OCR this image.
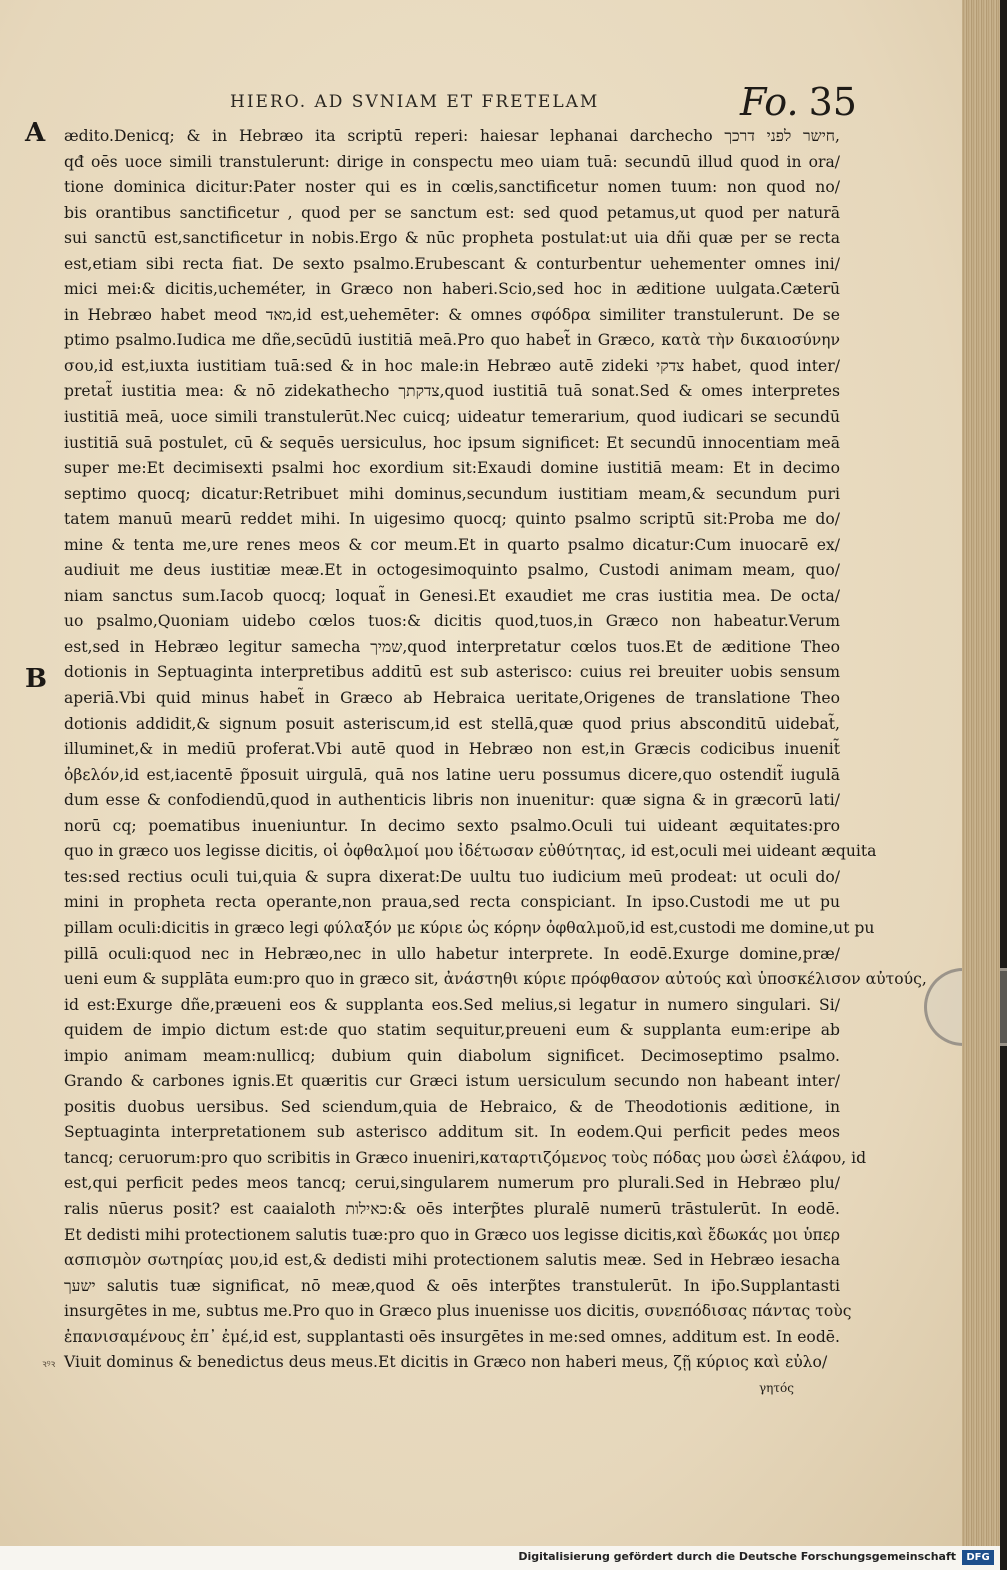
HIERO. AD SVNIAM ET FRETELAM	Fo. 35
A
B
ædito.Denicq; & in Hebræo ita scriptū reperi: haiesar lephanai darchecho חישר לפני דרכך,
qđ oēs uoce simili transtulerunt: dirige in conspectu meo uiam tuā: secundū illud quod in ora/
tione dominica dicitur:Pater noster qui es in cœlis,sanctificetur nomen tuum: non quod no/
bis orantibus sanctificetur , quod per se sanctum est: sed quod petamus,ut quod per naturā
sui sanctū est,sanctificetur in nobis.Ergo & nūc propheta postulat:ut uia dñi quæ per se recta
est,etiam sibi recta fiat. De sexto psalmo.Erubescant & conturbentur uehementer omnes ini/
mici mei:& dicitis,ucheméter, in Græco non haberi.Scio,sed hoc in æditione uulgata.Cæterū
in Hebræo habet meod מאד,id est,uehemēter: & omnes σφόδρα similiter transtulerunt. De se
ptimo psalmo.Iudica me dñe,secūdū iustitiā meā.Pro quo habet̃ in Græco, κατὰ τὴν δικαιοσύνην
σου,id est,iuxta iustitiam tuā:sed & in hoc male:in Hebræo autē zideki צדקי habet, quod inter/
pretat̃ iustitia mea: & nō zidekathecho צדקתך,quod iustitiā tuā sonat.Sed & omes interpretes
iustitiā meā, uoce simili transtulerūt.Nec cuicq; uideatur temerarium, quod iudicari se secundū
iustitiā suā postulet, cū & sequēs uersiculus, hoc ipsum significet: Et secundū innocentiam meā
super me:Et decimisexti psalmi hoc exordium sit:Exaudi domine iustitiā meam: Et in decimo
septimo quocq; dicatur:Retribuet mihi dominus,secundum iustitiam meam,& secundum puri
tatem manuū mearū reddet mihi. In uigesimo quocq; quinto psalmo scriptū sit:Proba me do/
mine & tenta me,ure renes meos & cor meum.Et in quarto psalmo dicatur:Cum inuocarē ex/
audiuit me deus iustitiæ meæ.Et in octogesimoquinto psalmo, Custodi animam meam, quo/
niam sanctus sum.Iacob quocq; loquat̃ in Genesi.Et exaudiet me cras iustitia mea. De octa/
uo psalmo,Quoniam uidebo cœlos tuos:& dicitis quod,tuos,in Græco non habeatur.Verum
est,sed in Hebræo legitur samecha שמיך,quod interpretatur cœlos tuos.Et de æditione Theo
dotionis in Septuaginta interpretibus additū est sub asterisco: cuius rei breuiter uobis sensum
aperiā.Vbi quid minus habet̃ in Græco ab Hebraica ueritate,Origenes de translatione Theo
dotionis addidit,& signum posuit asteriscum,id est stellā,quæ quod prius absconditū uidebat̃,
illuminet,& in mediū proferat.Vbi autē quod in Hebræo non est,in Græcis codicibus inuenit̃
ὀβελόν,id est,iacentē p̃posuit uirgulā, quā nos latine ueru possumus dicere,quo ostendit̃ iugulā
dum esse & confodiendū,quod in authenticis libris non inuenitur: quæ signa & in græcorū lati/
norū cq; poematibus inueniuntur. In decimo sexto psalmo.Oculi tui uideant æquitates:pro
quo in græco uos legisse dicitis, οἱ ὀφθαλμοί μου ἰδέτωσαν εὐθύτητας, id est,oculi mei uideant æquita
tes:sed rectius oculi tui,quia & supra dixerat:De uultu tuo iudicium meū prodeat: ut oculi do/
mini in propheta recta operante,non praua,sed recta conspiciant. In ipso.Custodi me ut pu
pillam oculi:dicitis in græco legi φύλαξόν με κύριε ὡς κόρην ὀφθαλμοῦ,id est,custodi me domine,ut pu
pillā oculi:quod nec in Hebræo,nec in ullo habetur interprete. In eodē.Exurge domine,præ/
ueni eum & supplāta eum:pro quo in græco sit, ἀνάστηθι κύριε πρόφθασον αὐτούς καὶ ὑποσκέλισον αὐτούς,
id est:Exurge dñe,præueni eos & supplanta eos.Sed melius,si legatur in numero singulari. Si/
quidem de impio dictum est:de quo statim sequitur,preueni eum & supplanta eum:eripe ab
impio animam meam:nullicq; dubium quin diabolum significet. Decimoseptimo psalmo.
Grando & carbones ignis.Et quæritis cur Græci istum uersiculum secundo non habeant inter/
positis duobus uersibus. Sed sciendum,quia de Hebraico, & de Theodotionis æditione, in
Septuaginta interpretationem sub asterisco additum sit. In eodem.Qui perficit pedes meos
tancq; ceruorum:pro quo scribitis in Græco inueniri,καταρτιζόμενος τοὺς πόδας μου ὡσεὶ ἐλάφου, id
est,qui perficit pedes meos tancq; cerui,singularem numerum pro plurali.Sed in Hebræo plu/
ralis nūerus posit? est caaialoth כאילות:& oēs interp̃tes pluralē numerū trāstulerūt. In eodē.
Et dedisti mihi protectionem salutis tuæ:pro quo in Græco uos legisse dicitis,καὶ ἔδωκάς μοι ὑπερ
ασπισμὸν σωτηρίας μου,id est,& dedisti mihi protectionem salutis meæ. Sed in Hebræo iesacha
ישעך salutis tuæ significat, nō meæ,quod & oēs interp̃tes transtulerūt. In ip̄o.Supplantasti
insurgētes in me, subtus me.Pro quo in Græco plus inuenisse uos dicitis, συνεπόδισας πάντας τοὺς
ἐπανισαμένους ἐπ᾽ ἐμέ,id est, supplantasti oēs insurgētes in me:sed omnes, additum est. In eodē.
Viuit dominus & benedictus deus meus.Et dicitis in Græco non haberi meus, ζῇ κύριος καὶ εὐλο/
γητός
ꝛꝰꝛ
Digitalisierung gefördert durch die Deutsche Forschungsgemeinschaft	DFG
